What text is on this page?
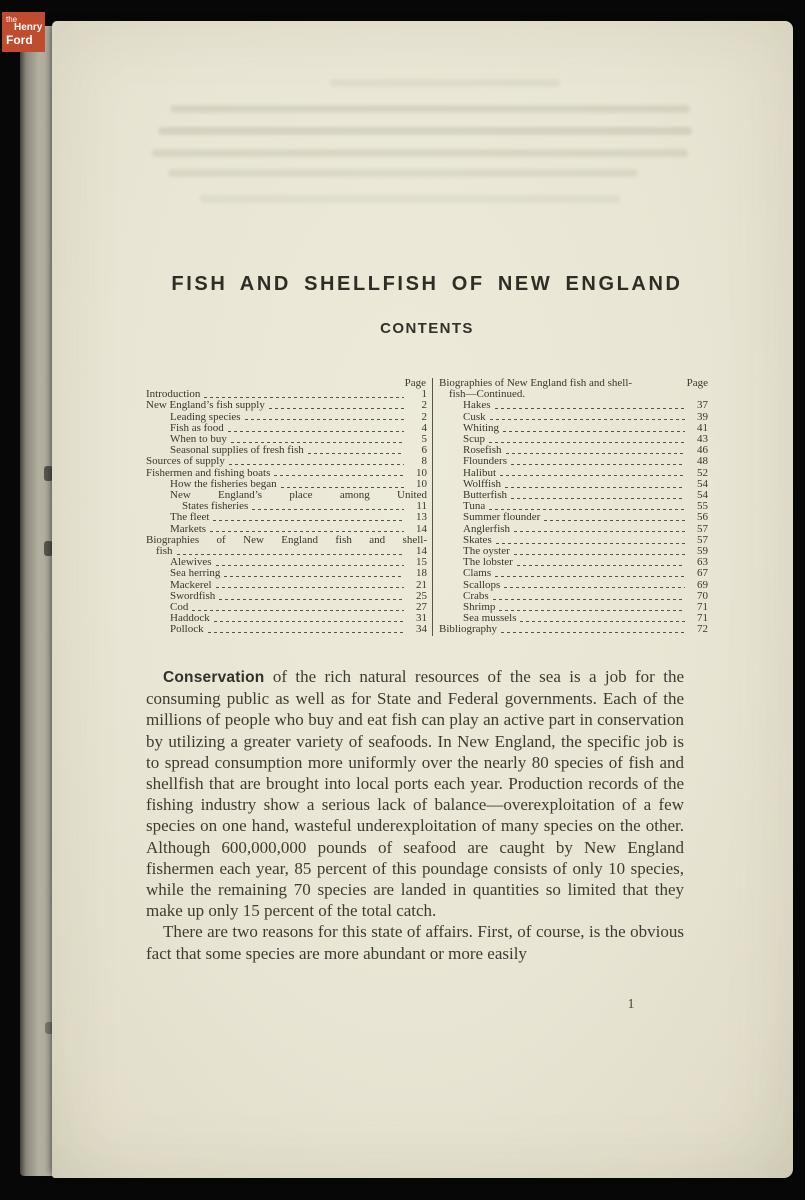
FISH AND SHELLFISH OF NEW ENGLAND
CONTENTS
Page
Introduction	1
New England’s fish supply	2
Leading species	2
Fish as food	4
When to buy	5
Seasonal supplies of fresh fish	6
Sources of supply	8
Fishermen and fishing boats	10
How the fisheries began	10
New England’s place among United
States fisheries	11
The fleet	13
Markets	14
Biographies of New England fish and shell-
fish	14
Alewives	15
Sea herring	18
Mackerel	21
Swordfish	25
Cod	27
Haddock	31
Pollock	34
Biographies of New England fish and shell-	Page
fish—Continued.
Hakes	37
Cusk	39
Whiting	41
Scup	43
Rosefish	46
Flounders	48
Halibut	52
Wolffish	54
Butterfish	54
Tuna	55
Summer flounder	56
Anglerfish	57
Skates	57
The oyster	59
The lobster	63
Clams	67
Scallops	69
Crabs	70
Shrimp	71
Sea mussels	71
Bibliography	72

Conservation of the rich natural resources of the sea is a job for the consuming public as well as for State and Federal governments. Each of the millions of people who buy and eat fish can play an active part in conservation by utilizing a greater variety of seafoods. In New England, the specific job is to spread consumption more uniformly over the nearly 80 species of fish and shellfish that are brought into local ports each year. Production records of the fishing industry show a serious lack of balance—overexploitation of a few species on one hand, wasteful underexploitation of many species on the other. Although 600,000,000 pounds of seafood are caught by New England fishermen each year, 85 percent of this poundage consists of only 10 species, while the remaining 70 species are landed in quantities so limited that they make up only 15 percent of the total catch.

There are two reasons for this state of affairs. First, of course, is the obvious fact that some species are more abundant or more easily

1
the
Henry
Ford
